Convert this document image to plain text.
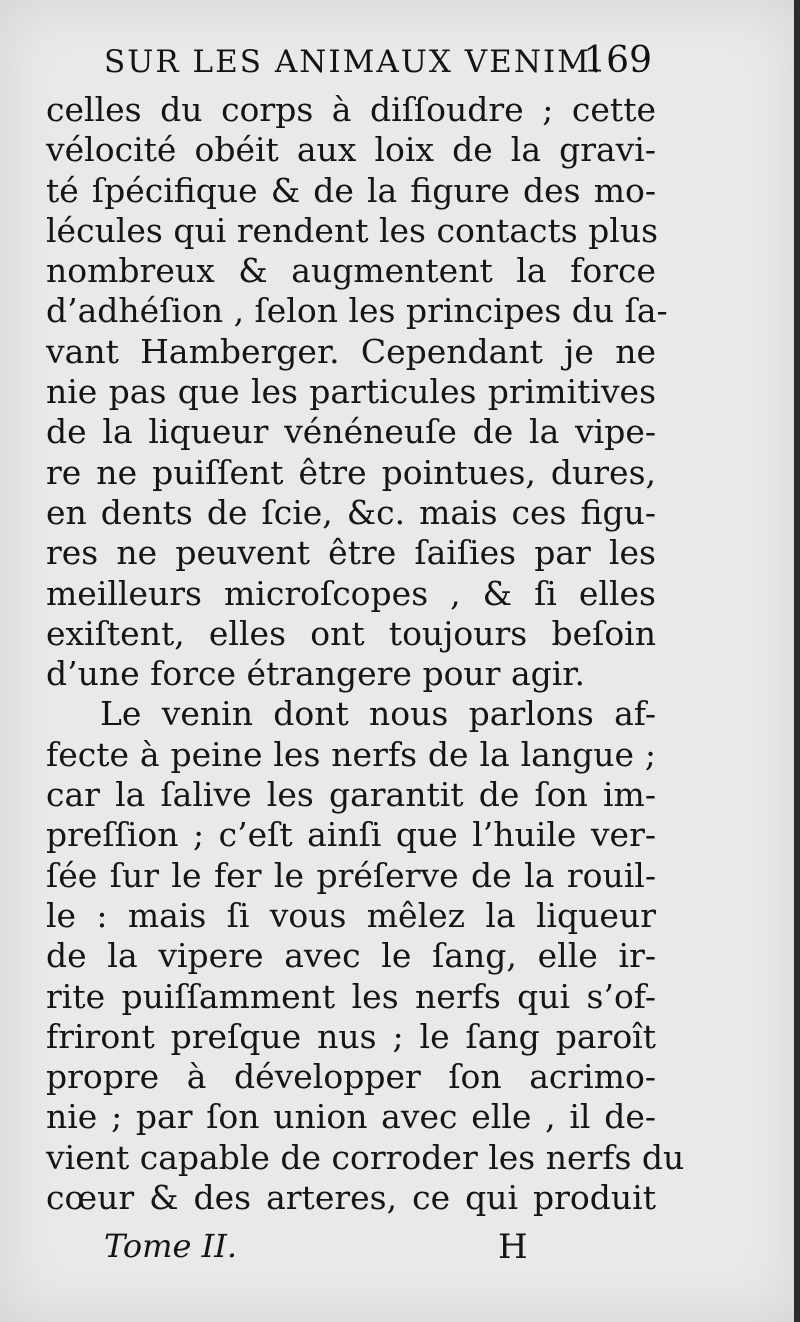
SUR LES ANIMAUX VENIM.
169
celles du corps à diſſoudre ; cette
vélocité obéit aux loix de la gravi-
té ſpécifique & de la figure des mo-
lécules qui rendent les contacts plus
nombreux & augmentent la force
d’adhéſion , ſelon les principes du ſa-
vant Hamberger. Cependant je ne
nie pas que les particules primitives
de la liqueur vénéneuſe de la vipe-
re ne puiſſent être pointues, dures,
en dents de ſcie, &c. mais ces figu-
res ne peuvent être ſaiſies par les
meilleurs microſcopes , & ſi elles
exiſtent, elles ont toujours beſoin
d’une force étrangere pour agir.
Le venin dont nous parlons af-
fecte à peine les nerfs de la langue ;
car la ſalive les garantit de ſon im-
preſſion ; c’eſt ainſi que l’huile ver-
ſée ſur le fer le préſerve de la rouil-
le : mais ſi vous mêlez la liqueur
de la vipere avec le ſang, elle ir-
rite puiſſamment les nerfs qui s’of-
friront preſque nus ; le ſang paroît
propre à développer ſon acrimo-
nie ; par ſon union avec elle , il de-
vient capable de corroder les nerfs du
cœur & des arteres, ce qui produit
Tome II.	H
